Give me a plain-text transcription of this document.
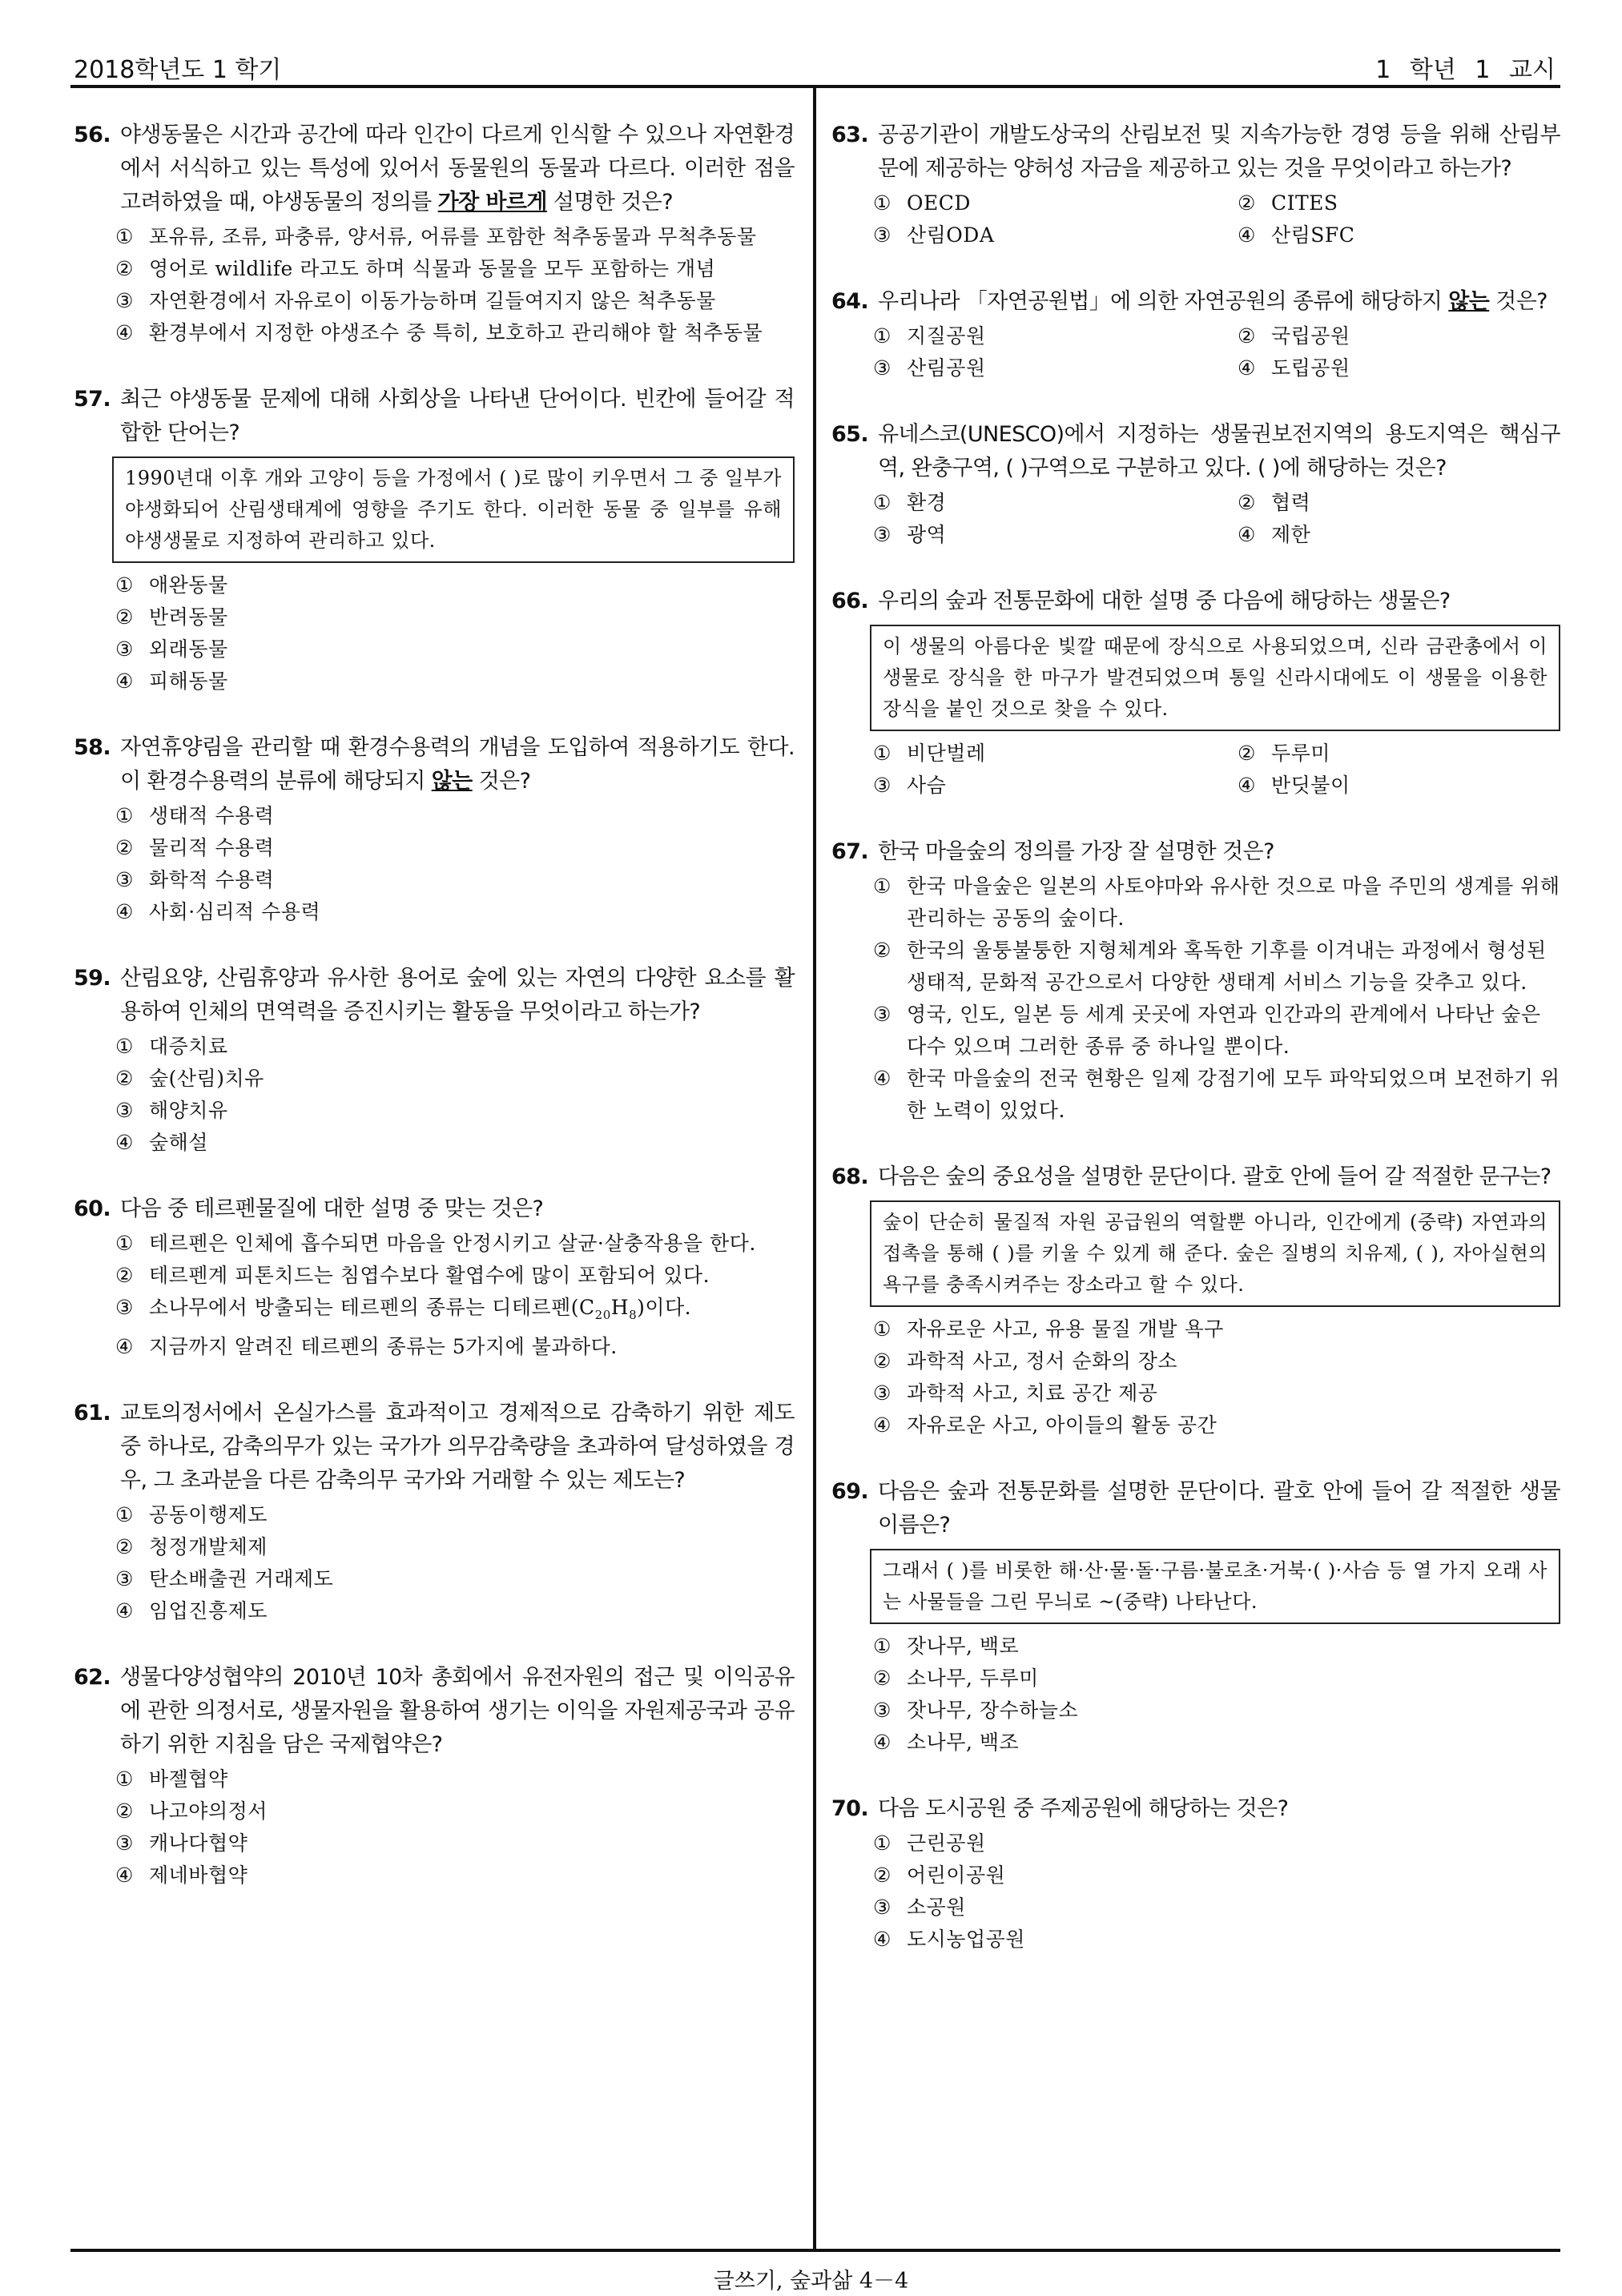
2018학년도 1 학기	1 학년 1 교시
글쓰기, 숲과삶 4－4
56. 야생동물은 시간과 공간에 따라 인간이 다르게 인식할 수 있으나 자연환경에서 서식하고 있는 특성에 있어서 동물원의 동물과 다르다. 이러한 점을 고려하였을 때, 야생동물의 정의를 가장 바르게 설명한 것은?
① 포유류, 조류, 파충류, 양서류, 어류를 포함한 척추동물과 무척추동물
② 영어로 wildlife 라고도 하며 식물과 동물을 모두 포함하는 개념
③ 자연환경에서 자유로이 이동가능하며 길들여지지 않은 척추동물
④ 환경부에서 지정한 야생조수 중 특히, 보호하고 관리해야 할 척추동물
57. 최근 야생동물 문제에 대해 사회상을 나타낸 단어이다. 빈칸에 들어갈 적합한 단어는?
1990년대 이후 개와 고양이 등을 가정에서 ( )로 많이 키우면서 그 중 일부가 야생화되어 산림생태계에 영향을 주기도 한다. 이러한 동물 중 일부를 유해 야생생물로 지정하여 관리하고 있다.
① 애완동물
② 반려동물
③ 외래동물
④ 피해동물
58. 자연휴양림을 관리할 때 환경수용력의 개념을 도입하여 적용하기도 한다. 이 환경수용력의 분류에 해당되지 않는 것은?
① 생태적 수용력
② 물리적 수용력
③ 화학적 수용력
④ 사회·심리적 수용력
59. 산림요양, 산림휴양과 유사한 용어로 숲에 있는 자연의 다양한 요소를 활용하여 인체의 면역력을 증진시키는 활동을 무엇이라고 하는가?
① 대증치료
② 숲(산림)치유
③ 해양치유
④ 숲해설
60. 다음 중 테르펜물질에 대한 설명 중 맞는 것은?
① 테르펜은 인체에 흡수되면 마음을 안정시키고 살균·살충작용을 한다.
② 테르펜계 피톤치드는 침엽수보다 활엽수에 많이 포함되어 있다.
③ 소나무에서 방출되는 테르펜의 종류는 디테르펜$(C_{20}H_8)$이다.
④ 지금까지 알려진 테르펜의 종류는 5가지에 불과하다.
61. 교토의정서에서 온실가스를 효과적이고 경제적으로 감축하기 위한 제도 중 하나로, 감축의무가 있는 국가가 의무감축량을 초과하여 달성하였을 경우, 그 초과분을 다른 감축의무 국가와 거래할 수 있는 제도는?
① 공동이행제도
② 청정개발체제
③ 탄소배출권 거래제도
④ 임업진흥제도
62. 생물다양성협약의 2010년 10차 총회에서 유전자원의 접근 및 이익공유에 관한 의정서로, 생물자원을 활용하여 생기는 이익을 자원제공국과 공유하기 위한 지침을 담은 국제협약은?
① 바젤협약
② 나고야의정서
③ 캐나다협약
④ 제네바협약
63. 공공기관이 개발도상국의 산림보전 및 지속가능한 경영 등을 위해 산림부문에 제공하는 양허성 자금을 제공하고 있는 것을 무엇이라고 하는가?
① OECD	② CITES
③ 산림ODA	④ 산림SFC
64. 우리나라 「자연공원법」에 의한 자연공원의 종류에 해당하지 않는 것은?
① 지질공원	② 국립공원
③ 산림공원	④ 도립공원
65. 유네스코(UNESCO)에서 지정하는 생물권보전지역의 용도지역은 핵심구역, 완충구역, ( )구역으로 구분하고 있다. ( )에 해당하는 것은?
① 환경	② 협력
③ 광역	④ 제한
66. 우리의 숲과 전통문화에 대한 설명 중 다음에 해당하는 생물은?
이 생물의 아름다운 빛깔 때문에 장식으로 사용되었으며, 신라 금관총에서 이 생물로 장식을 한 마구가 발견되었으며 통일 신라시대에도 이 생물을 이용한 장식을 붙인 것으로 찾을 수 있다.
① 비단벌레	② 두루미
③ 사슴	④ 반딧불이
67. 한국 마을숲의 정의를 가장 잘 설명한 것은?
① 한국 마을숲은 일본의 사토야마와 유사한 것으로 마을 주민의 생계를 위해 관리하는 공동의 숲이다.
② 한국의 울퉁불퉁한 지형체계와 혹독한 기후를 이겨내는 과정에서 형성된 생태적, 문화적 공간으로서 다양한 생태계 서비스 기능을 갖추고 있다.
③ 영국, 인도, 일본 등 세계 곳곳에 자연과 인간과의 관계에서 나타난 숲은 다수 있으며 그러한 종류 중 하나일 뿐이다.
④ 한국 마을숲의 전국 현황은 일제 강점기에 모두 파악되었으며 보전하기 위한 노력이 있었다.
68. 다음은 숲의 중요성을 설명한 문단이다. 괄호 안에 들어 갈 적절한 문구는?
숲이 단순히 물질적 자원 공급원의 역할뿐 아니라, 인간에게 (중략) 자연과의 접촉을 통해 ( )를 키울 수 있게 해 준다. 숲은 질병의 치유제, ( ), 자아실현의 욕구를 충족시켜주는 장소라고 할 수 있다.
① 자유로운 사고, 유용 물질 개발 욕구
② 과학적 사고, 정서 순화의 장소
③ 과학적 사고, 치료 공간 제공
④ 자유로운 사고, 아이들의 활동 공간
69. 다음은 숲과 전통문화를 설명한 문단이다. 괄호 안에 들어 갈 적절한 생물 이름은?
그래서 ( )를 비롯한 해·산·물·돌·구름·불로초·거북·( )·사슴 등 열 가지 오래 사는 사물들을 그린 무늬로 ~(중략) 나타난다.
① 잣나무, 백로
② 소나무, 두루미
③ 잣나무, 장수하늘소
④ 소나무, 백조
70. 다음 도시공원 중 주제공원에 해당하는 것은?
① 근린공원
② 어린이공원
③ 소공원
④ 도시농업공원
